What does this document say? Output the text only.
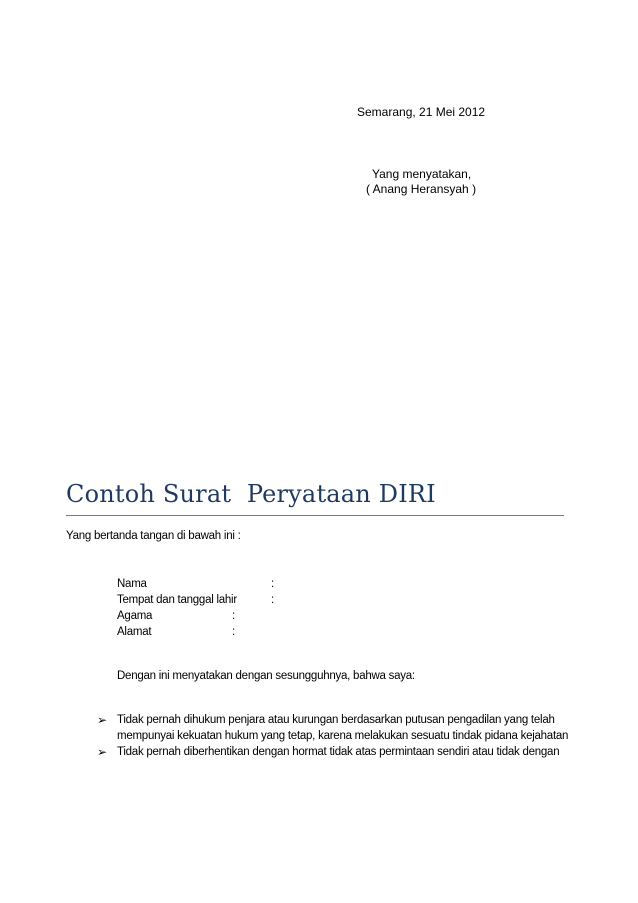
Semarang, 21 Mei 2012
Yang menyatakan,
( Anang Heransyah )
Contoh Surat  Peryataan DIRI
Yang bertanda tangan di bawah ini :
Nama	:
Tempat dan tanggal lahir	:
Agama	:
Alamat	:
Dengan ini menyatakan dengan sesungguhnya, bahwa saya:
➢ Tidak pernah dihukum penjara atau kurungan berdasarkan putusan pengadilan yang telah
mempunyai kekuatan hukum yang tetap, karena melakukan sesuatu tindak pidana kejahatan
➢ Tidak pernah diberhentikan dengan hormat tidak atas permintaan sendiri atau tidak dengan
